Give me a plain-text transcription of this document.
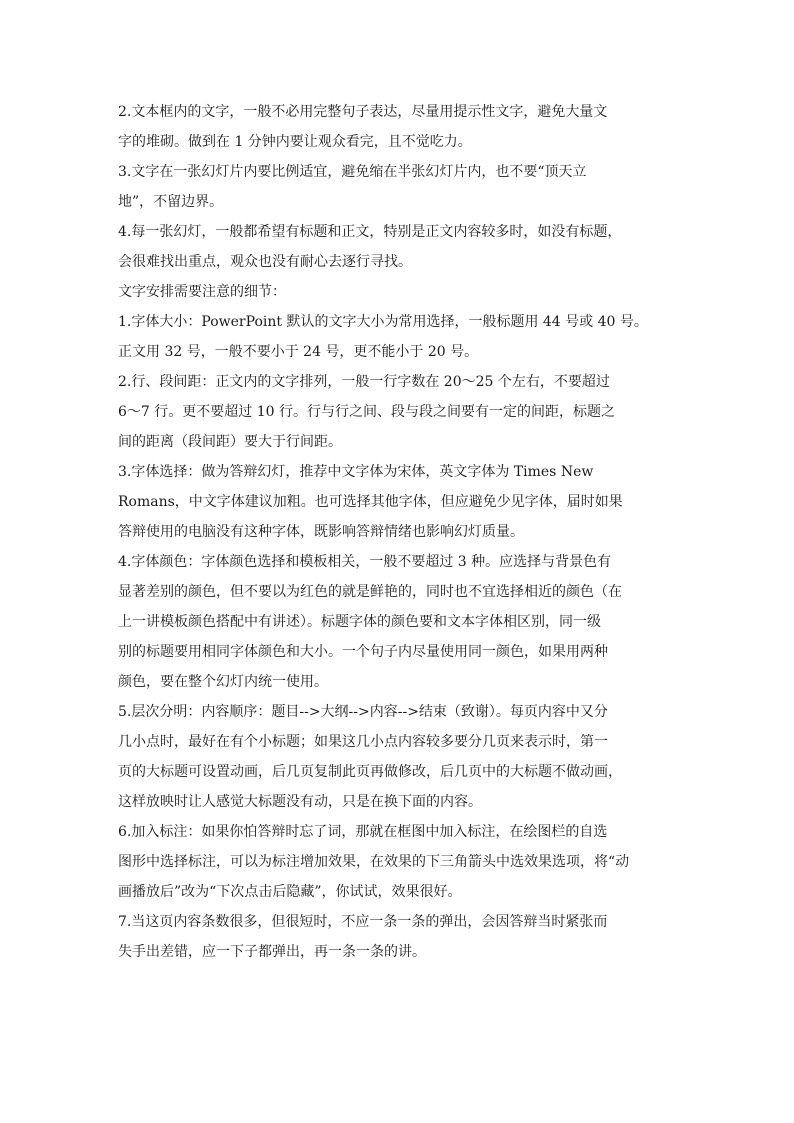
2.文本框内的文字，一般不必用完整句子表达，尽量用提示性文字，避免大量文
字的堆砌。做到在 1 分钟内要让观众看完，且不觉吃力。
3.文字在一张幻灯片内要比例适宜，避免缩在半张幻灯片内，也不要“顶天立
地”，不留边界。
4.每一张幻灯，一般都希望有标题和正文，特别是正文内容较多时，如没有标题，
会很难找出重点，观众也没有耐心去逐行寻找。
文字安排需要注意的细节：
1.字体大小：PowerPoint 默认的文字大小为常用选择，一般标题用 44 号或 40 号。
正文用 32 号，一般不要小于 24 号，更不能小于 20 号。
2.行、段间距：正文内的文字排列，一般一行字数在 20～25 个左右，不要超过
6～7 行。更不要超过 10 行。行与行之间、段与段之间要有一定的间距，标题之
间的距离（段间距）要大于行间距。
3.字体选择：做为答辩幻灯，推荐中文字体为宋体，英文字体为 Times New
Romans，中文字体建议加粗。也可选择其他字体，但应避免少见字体，届时如果
答辩使用的电脑没有这种字体，既影响答辩情绪也影响幻灯质量。
4.字体颜色：字体颜色选择和模板相关，一般不要超过 3 种。应选择与背景色有
显著差别的颜色，但不要以为红色的就是鲜艳的，同时也不宜选择相近的颜色（在
上一讲模板颜色搭配中有讲述）。标题字体的颜色要和文本字体相区别，同一级
别的标题要用相同字体颜色和大小。一个句子内尽量使用同一颜色，如果用两种
颜色，要在整个幻灯内统一使用。
5.层次分明：内容顺序：题目-->大纲-->内容-->结束（致谢）。每页内容中又分
几小点时，最好在有个小标题；如果这几小点内容较多要分几页来表示时，第一
页的大标题可设置动画，后几页复制此页再做修改，后几页中的大标题不做动画，
这样放映时让人感觉大标题没有动，只是在换下面的内容。
6.加入标注：如果你怕答辩时忘了词，那就在框图中加入标注，在绘图栏的自选
图形中选择标注，可以为标注增加效果，在效果的下三角箭头中选效果选项，将“动
画播放后”改为“下次点击后隐藏”，你试试，效果很好。
7.当这页内容条数很多，但很短时，不应一条一条的弹出，会因答辩当时紧张而
失手出差错，应一下子都弹出，再一条一条的讲。
